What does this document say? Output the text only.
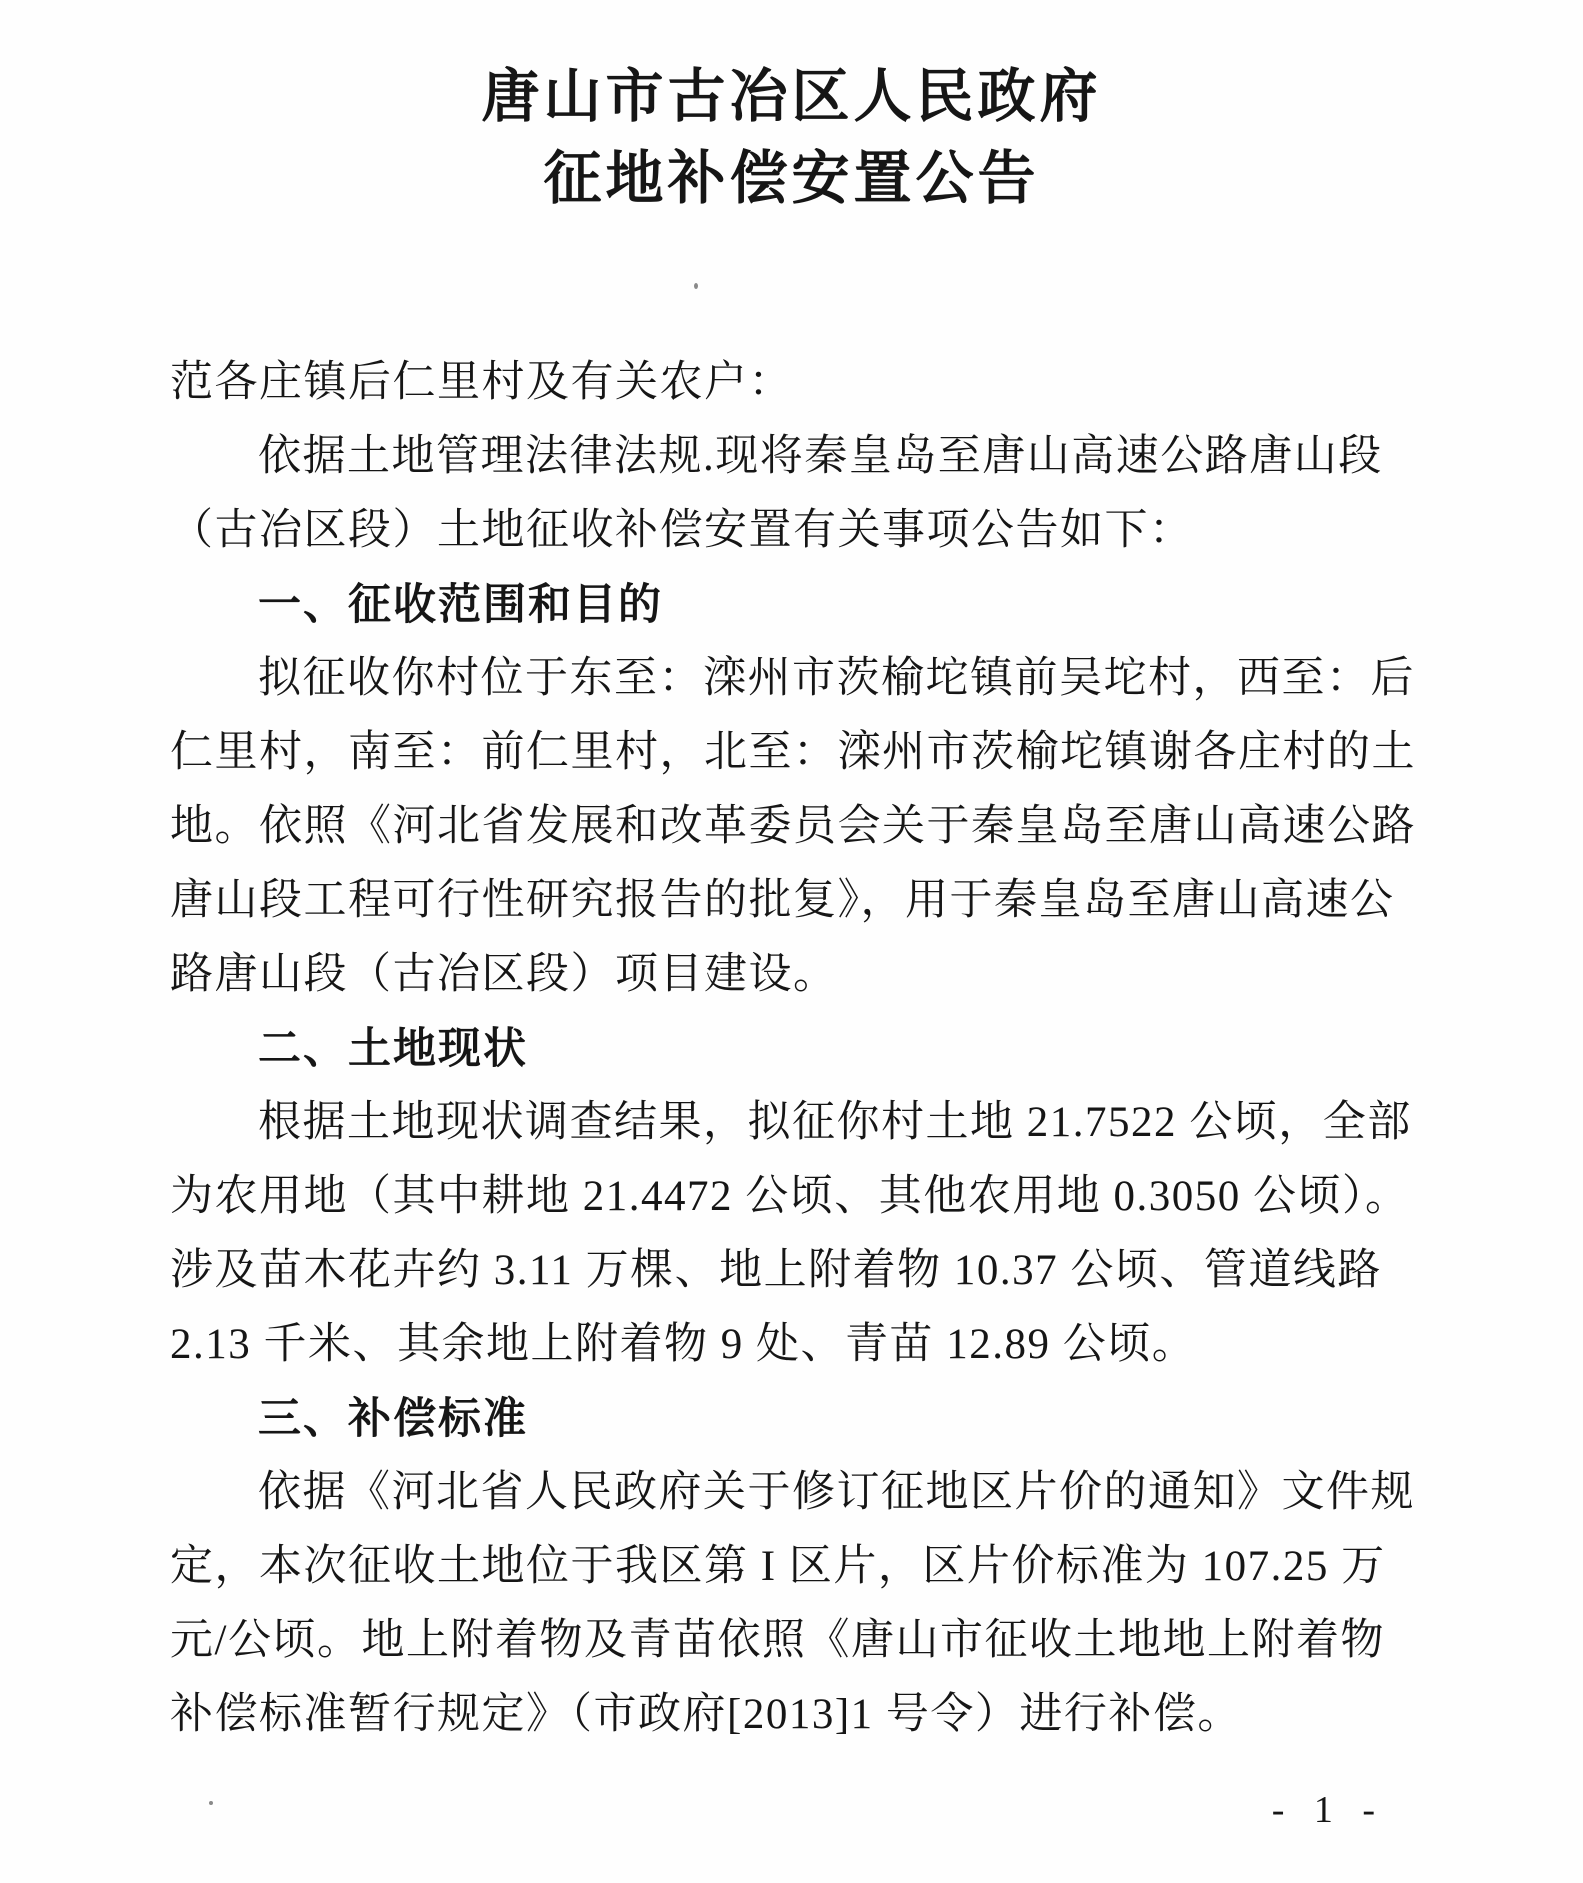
唐山市古冶区人民政府
征地补偿安置公告
范各庄镇后仁里村及有关农户：
依据土地管理法律法规.现将秦皇岛至唐山高速公路唐山段
（古冶区段）土地征收补偿安置有关事项公告如下：
一、征收范围和目的
拟征收你村位于东至：滦州市茨榆坨镇前吴坨村，西至：后
仁里村，南至：前仁里村，北至：滦州市茨榆坨镇谢各庄村的土
地。依照《河北省发展和改革委员会关于秦皇岛至唐山高速公路
唐山段工程可行性研究报告的批复》，用于秦皇岛至唐山高速公
路唐山段（古冶区段）项目建设。
二、土地现状
根据土地现状调查结果，拟征你村土地 21.7522 公顷，全部
为农用地（其中耕地 21.4472 公顷、其他农用地 0.3050 公顷）。
涉及苗木花卉约 3.11 万棵、地上附着物 10.37 公顷、管道线路
2.13 千米、其余地上附着物 9 处、青苗 12.89 公顷。
三、补偿标准
依据《河北省人民政府关于修订征地区片价的通知》文件规
定，本次征收土地位于我区第 I 区片，区片价标准为 107.25 万
元/公顷。地上附着物及青苗依照《唐山市征收土地地上附着物
补偿标准暂行规定》（市政府[2013]1 号令）进行补偿。
- 1 -
